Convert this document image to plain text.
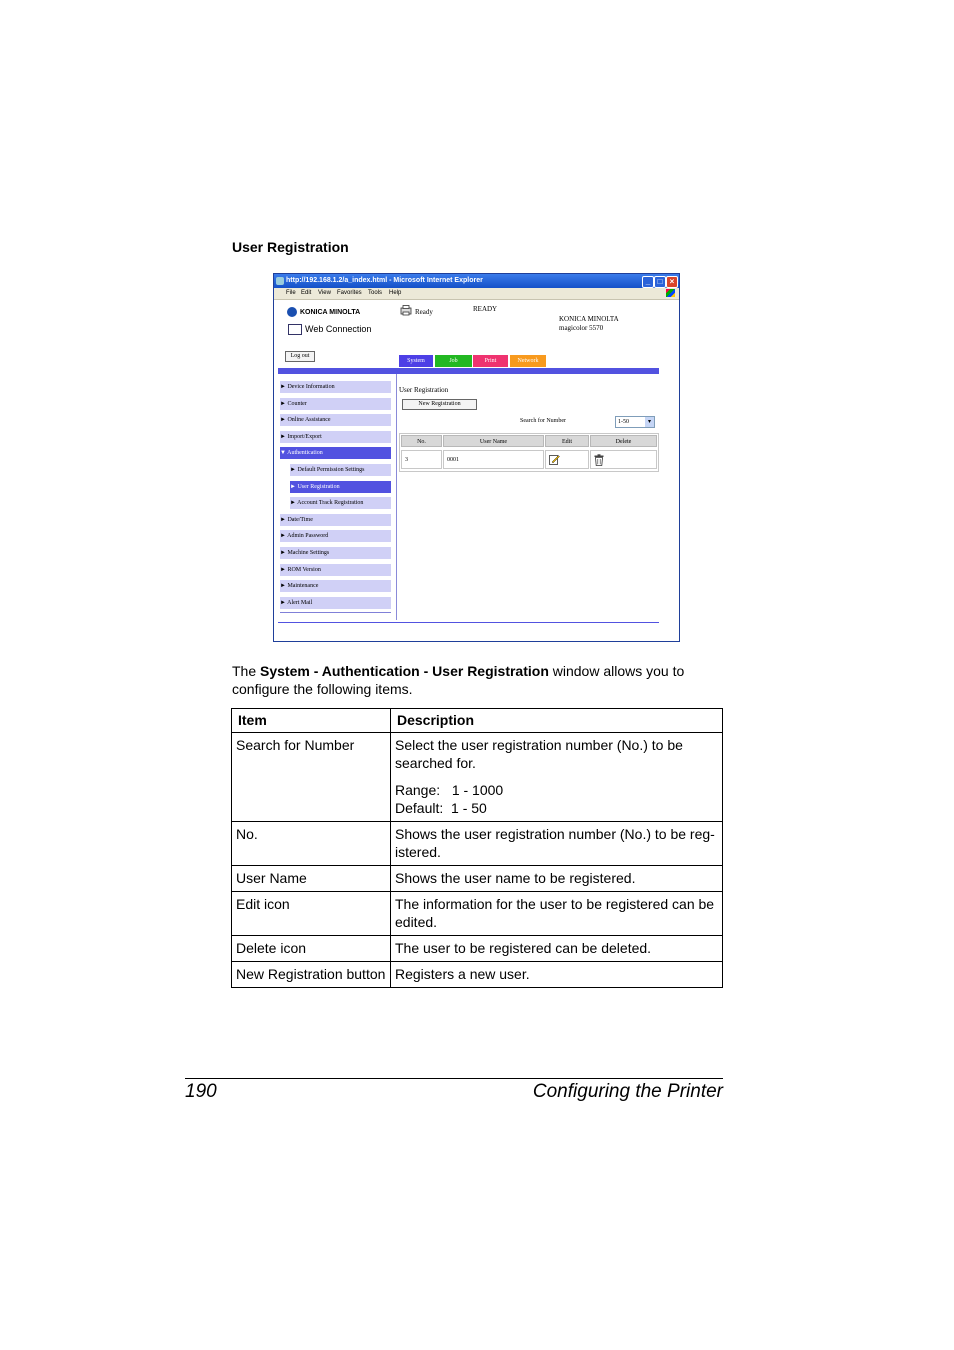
User Registration
http://192.168.1.2/a_index.html - Microsoft Internet Explorer	_ □ ×
File Edit View Favorites Tools Help
KONICA MINOLTA
Web Connection
Ready	READY
KONICA MINOLTA
magicolor 5570
Log out
System	Job	Print	Network
► Device Information
► Counter
► Online Assistance
► Import/Export
▼ Authentication
► Default Permission Settings
► User Registration
► Account Track Registration
► Date/Time
► Admin Password
► Machine Settings
► ROM Version
► Maintenance
► Alert Mail
User Registration
New Registration
Search for Number	1-50	▾
No.	User Name	Edit	Delete
3	0001
The System - Authentication - User Registration window allows you to configure the following items.
Item	Description
Search for Number	Select the user registration number (No.) to be searched for.

Range:   1 - 1000

Default:  1 - 50

No.	Shows the user registration number (No.) to be reg-istered.
User Name	Shows the user name to be registered.
Edit icon	The information for the user to be registered can be edited.
Delete icon	The user to be registered can be deleted.
New Registration button	Registers a new user.
190	Configuring the Printer
